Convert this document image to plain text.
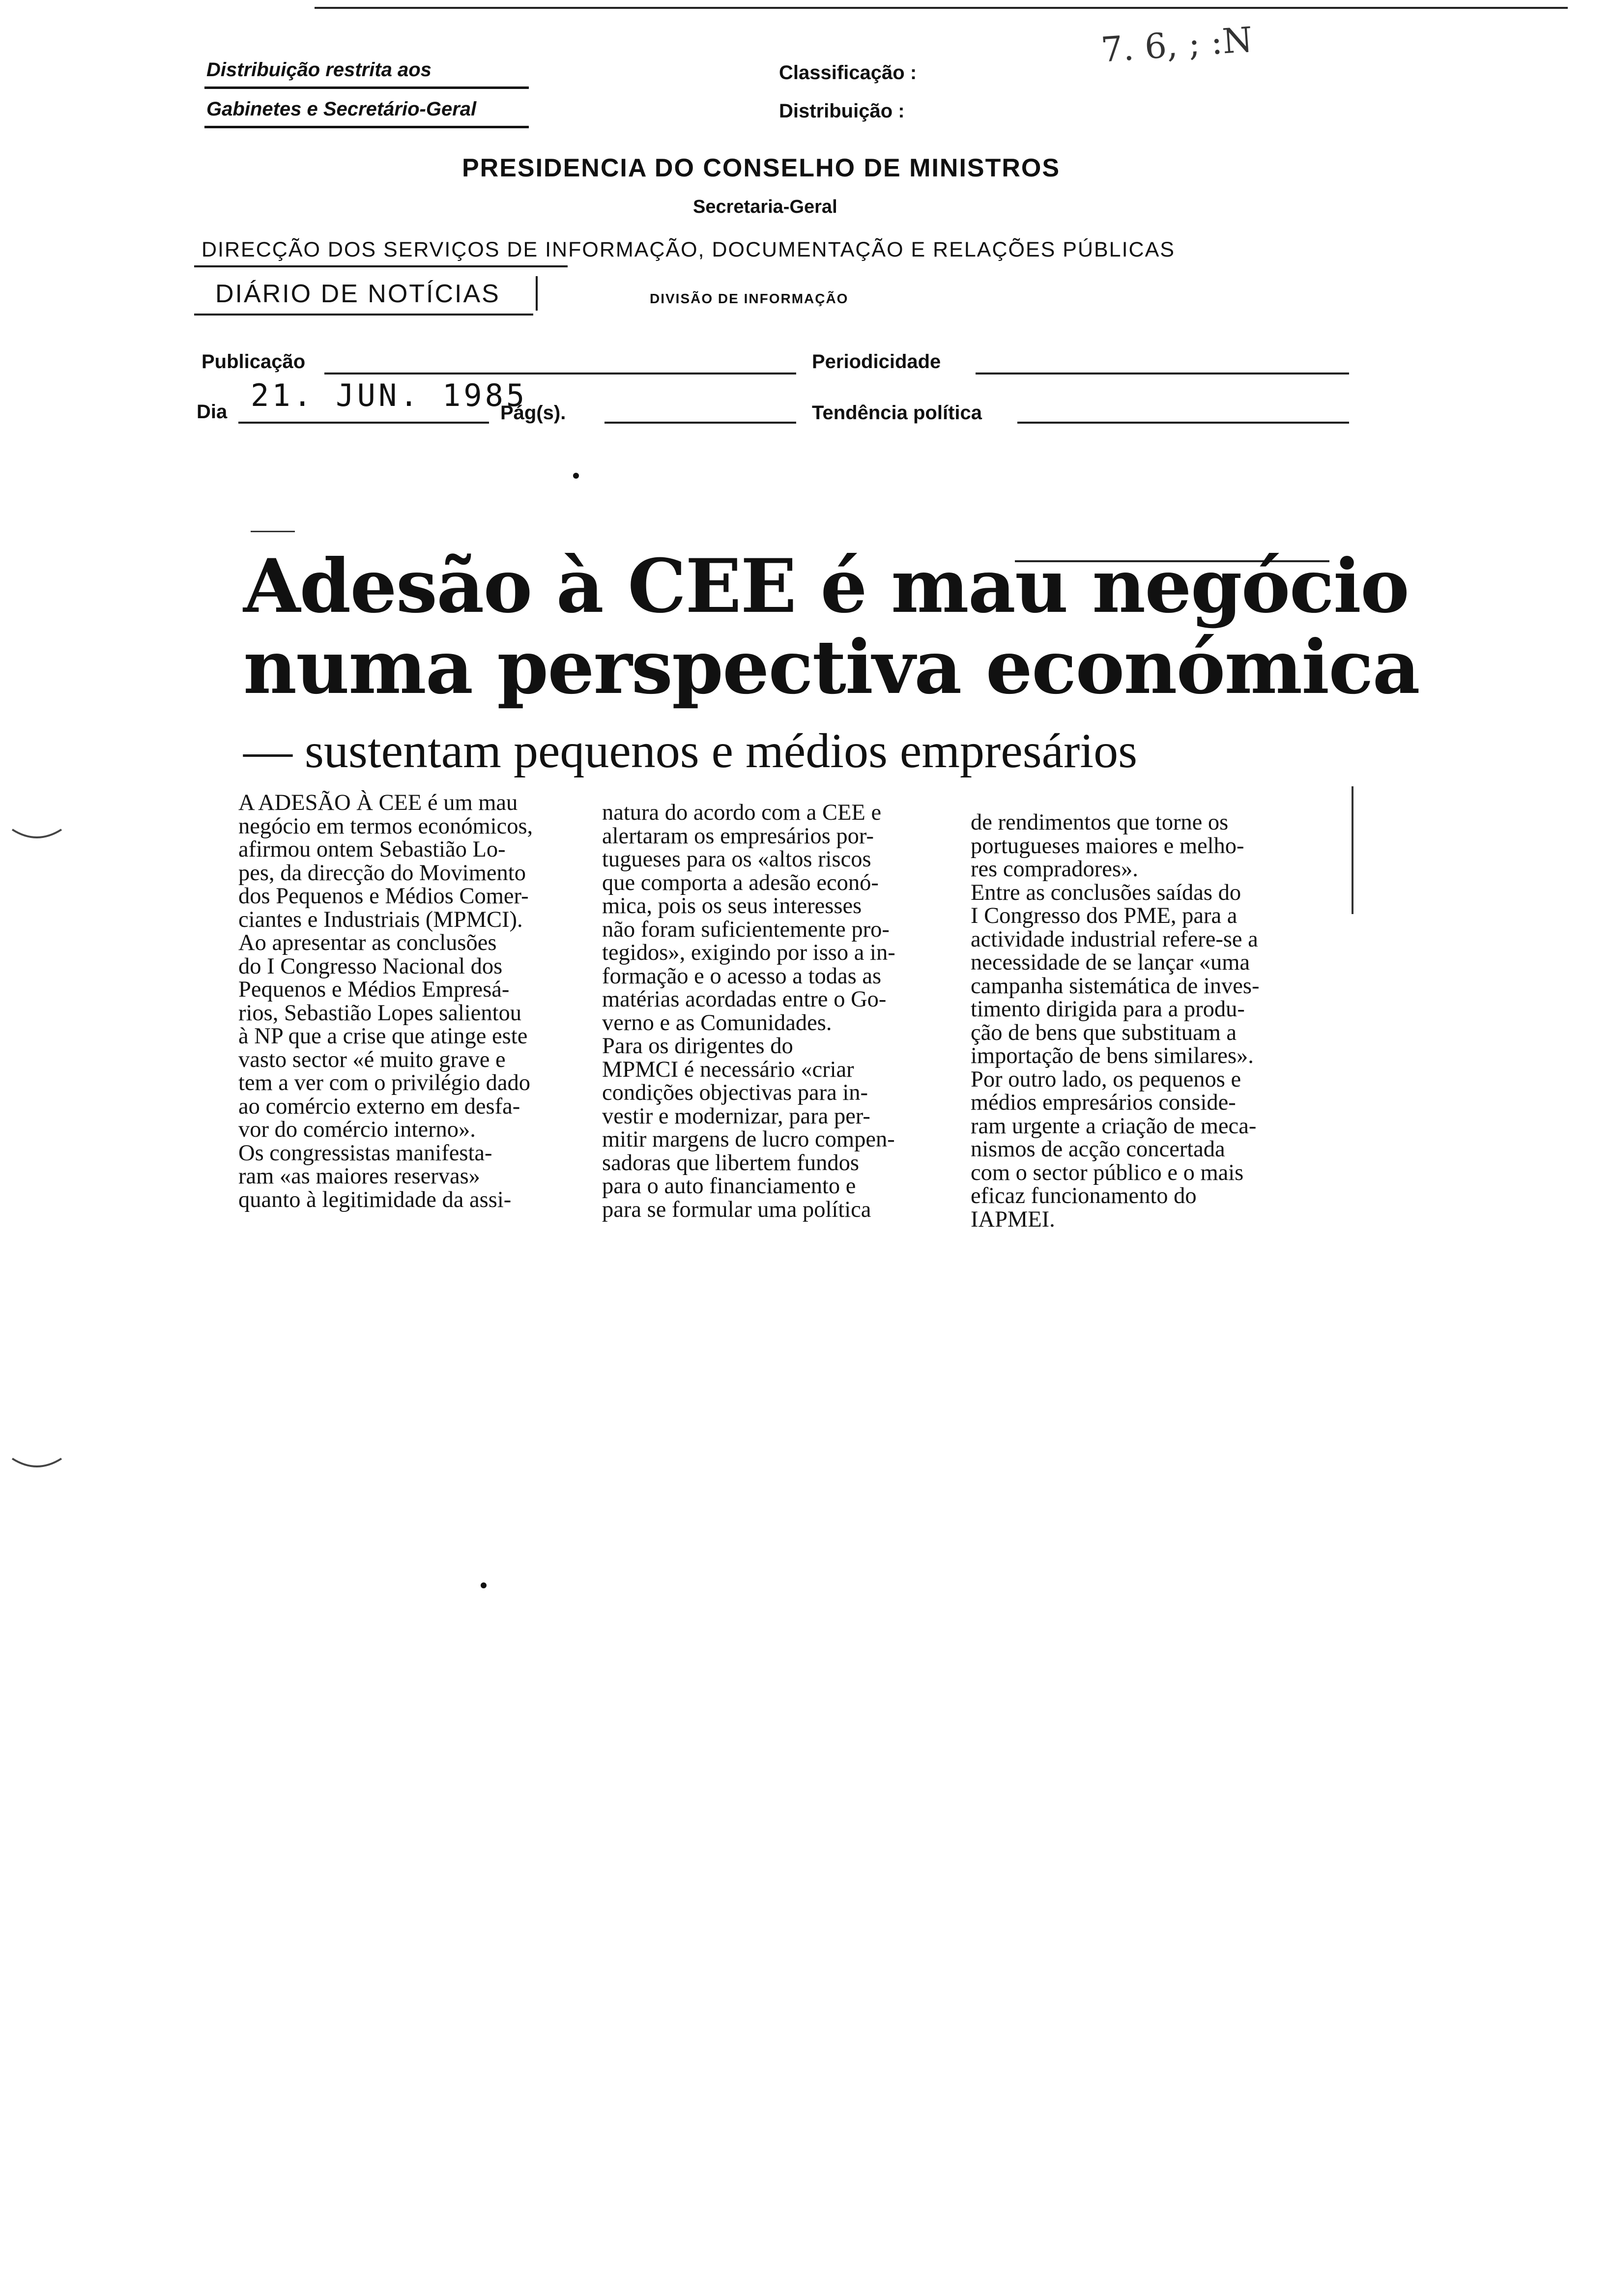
Distribuição restrita aos
Gabinetes e Secretário-Geral
Classificação :
Distribuição :
7. 6, ; :N
PRESIDENCIA DO CONSELHO DE MINISTROS
Secretaria-Geral
DIRECÇÃO DOS SERVIÇOS DE INFORMAÇÃO, DOCUMENTAÇÃO E RELAÇÕES PÚBLICAS
DIÁRIO DE NOTÍCIAS	DIVISÃO DE INFORMAÇÃO
Publicação	Periodicidade
Dia 21. JUN. 1985
Pág(s).	Tendência política
Adesão à CEE é mau negócio
numa perspectiva económica
— sustentam pequenos e médios empresários
A ADESÃO À CEE é um mau
negócio em termos económicos,
afirmou ontem Sebastião Lo-
pes, da direcção do Movimento
dos Pequenos e Médios Comer-
ciantes e Industriais (MPMCI).
Ao apresentar as conclusões
do I Congresso Nacional dos
Pequenos e Médios Empresá-
rios, Sebastião Lopes salientou
à NP que a crise que atinge este
vasto sector «é muito grave e
tem a ver com o privilégio dado
ao comércio externo em desfa-
vor do comércio interno».
Os congressistas manifesta-
ram «as maiores reservas»
quanto à legitimidade da assi-
natura do acordo com a CEE e
alertaram os empresários por-
tugueses para os «altos riscos
que comporta a adesão econó-
mica, pois os seus interesses
não foram suficientemente pro-
tegidos», exigindo por isso a in-
formação e o acesso a todas as
matérias acordadas entre o Go-
verno e as Comunidades.
Para os dirigentes do
MPMCI é necessário «criar
condições objectivas para in-
vestir e modernizar, para per-
mitir margens de lucro compen-
sadoras que libertem fundos
para o auto financiamento e
para se formular uma política
de rendimentos que torne os
portugueses maiores e melho-
res compradores».
Entre as conclusões saídas do
I Congresso dos PME, para a
actividade industrial refere-se a
necessidade de se lançar «uma
campanha sistemática de inves-
timento dirigida para a produ-
ção de bens que substituam a
importação de bens similares».
Por outro lado, os pequenos e
médios empresários conside-
ram urgente a criação de meca-
nismos de acção concertada
com o sector público e o mais
eficaz funcionamento do
IAPMEI.
